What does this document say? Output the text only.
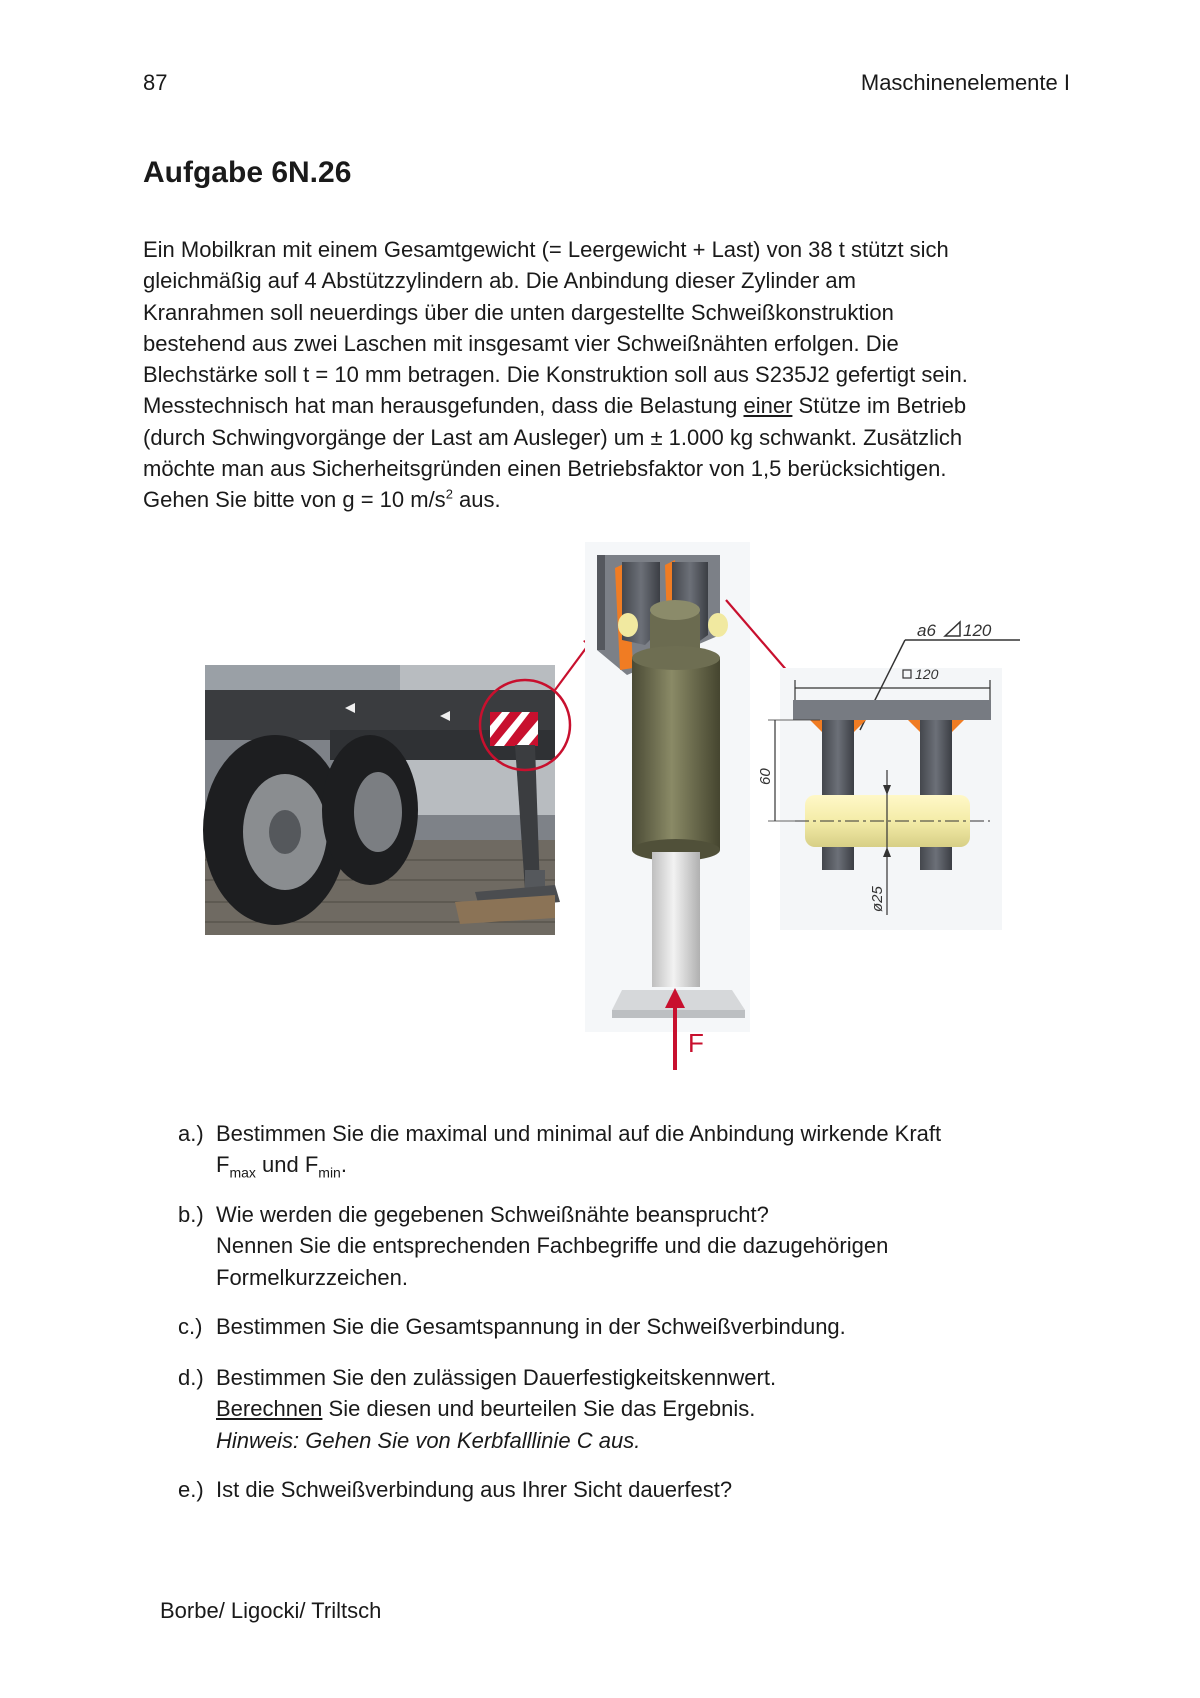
87	Maschinenelemente I
Aufgabe 6N.26
Ein Mobilkran mit einem Gesamtgewicht (= Leergewicht + Last) von 38 t stützt sich
gleichmäßig auf 4 Abstützzylindern ab. Die Anbindung dieser Zylinder am
Kranrahmen soll neuerdings über die unten dargestellte Schweißkonstruktion
bestehend aus zwei Laschen mit insgesamt vier Schweißnähten erfolgen. Die
Blechstärke soll t = 10 mm betragen. Die Konstruktion soll aus S235J2 gefertigt sein.
Messtechnisch hat man herausgefunden, dass die Belastung einer Stütze im Betrieb
(durch Schwingvorgänge der Last am Ausleger) um ± 1.000 kg schwankt. Zusätzlich
möchte man aus Sicherheitsgründen einen Betriebsfaktor von 1,5 berücksichtigen.
Gehen Sie bitte von g = 10 $m/s^2$ aus.
F
a6 120
120
60
ø25
a.) Bestimmen Sie die maximal und minimal auf die Anbindung wirkende Kraft
$F_{max}$ und $F_{min}$.
b.) Wie werden die gegebenen Schweißnähte beansprucht?
Nennen Sie die entsprechenden Fachbegriffe und die dazugehörigen
Formelkurzzeichen.
c.) Bestimmen Sie die Gesamtspannung in der Schweißverbindung.
d.) Bestimmen Sie den zulässigen Dauerfestigkeitskennwert.
Berechnen Sie diesen und beurteilen Sie das Ergebnis.
Hinweis: Gehen Sie von Kerbfalllinie C aus.
e.) Ist die Schweißverbindung aus Ihrer Sicht dauerfest?
Borbe/ Ligocki/ Triltsch
